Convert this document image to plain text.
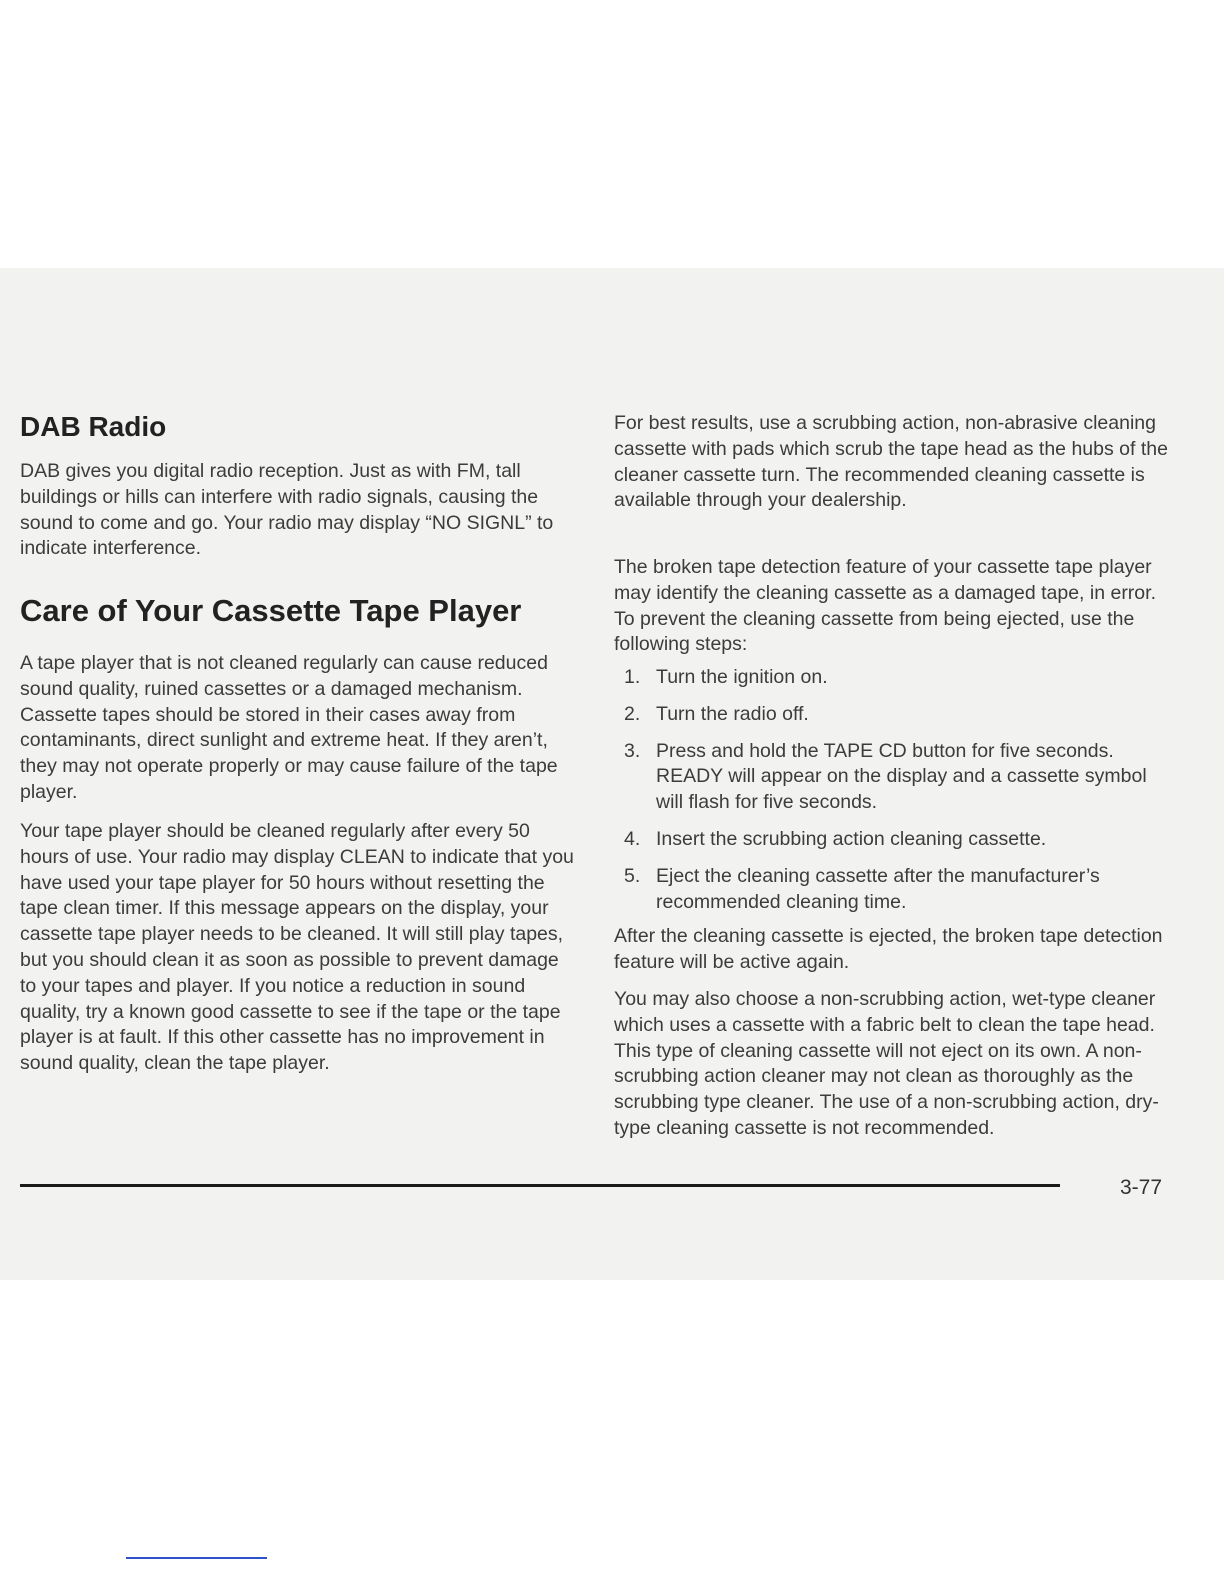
DAB Radio

DAB gives you digital radio reception. Just as with FM, tall buildings or hills can interfere with radio signals, causing the sound to come and go. Your radio may display “NO SIGNL” to indicate interference.

Care of Your Cassette Tape Player

A tape player that is not cleaned regularly can cause reduced sound quality, ruined cassettes or a damaged mechanism. Cassette tapes should be stored in their cases away from contaminants, direct sunlight and extreme heat. If they aren’t, they may not operate properly or may cause failure of the tape player.

Your tape player should be cleaned regularly after every 50 hours of use. Your radio may display CLEAN to indicate that you have used your tape player for 50 hours without resetting the tape clean timer. If this message appears on the display, your cassette tape player needs to be cleaned. It will still play tapes, but you should clean it as soon as possible to prevent damage to your tapes and player. If you notice a reduction in sound quality, try a known good cassette to see if the tape or the tape player is at fault. If this other cassette has no improvement in sound quality, clean the tape player.

For best results, use a scrubbing action, non-abrasive cleaning cassette with pads which scrub the tape head as the hubs of the cleaner cassette turn. The recommended cleaning cassette is available through your dealership.

The broken tape detection feature of your cassette tape player may identify the cleaning cassette as a damaged tape, in error. To prevent the cleaning cassette from being ejected, use the following steps:

1. Turn the ignition on.
2. Turn the radio off.
3. Press and hold the TAPE CD button for five seconds. READY will appear on the display and a cassette symbol will flash for five seconds.
4. Insert the scrubbing action cleaning cassette.
5. Eject the cleaning cassette after the manufacturer’s recommended cleaning time.

After the cleaning cassette is ejected, the broken tape detection feature will be active again.

You may also choose a non-scrubbing action, wet-type cleaner which uses a cassette with a fabric belt to clean the tape head. This type of cleaning cassette will not eject on its own. A non-scrubbing action cleaner may not clean as thoroughly as the scrubbing type cleaner. The use of a non-scrubbing action, dry-type cleaning cassette is not recommended.

3-77
